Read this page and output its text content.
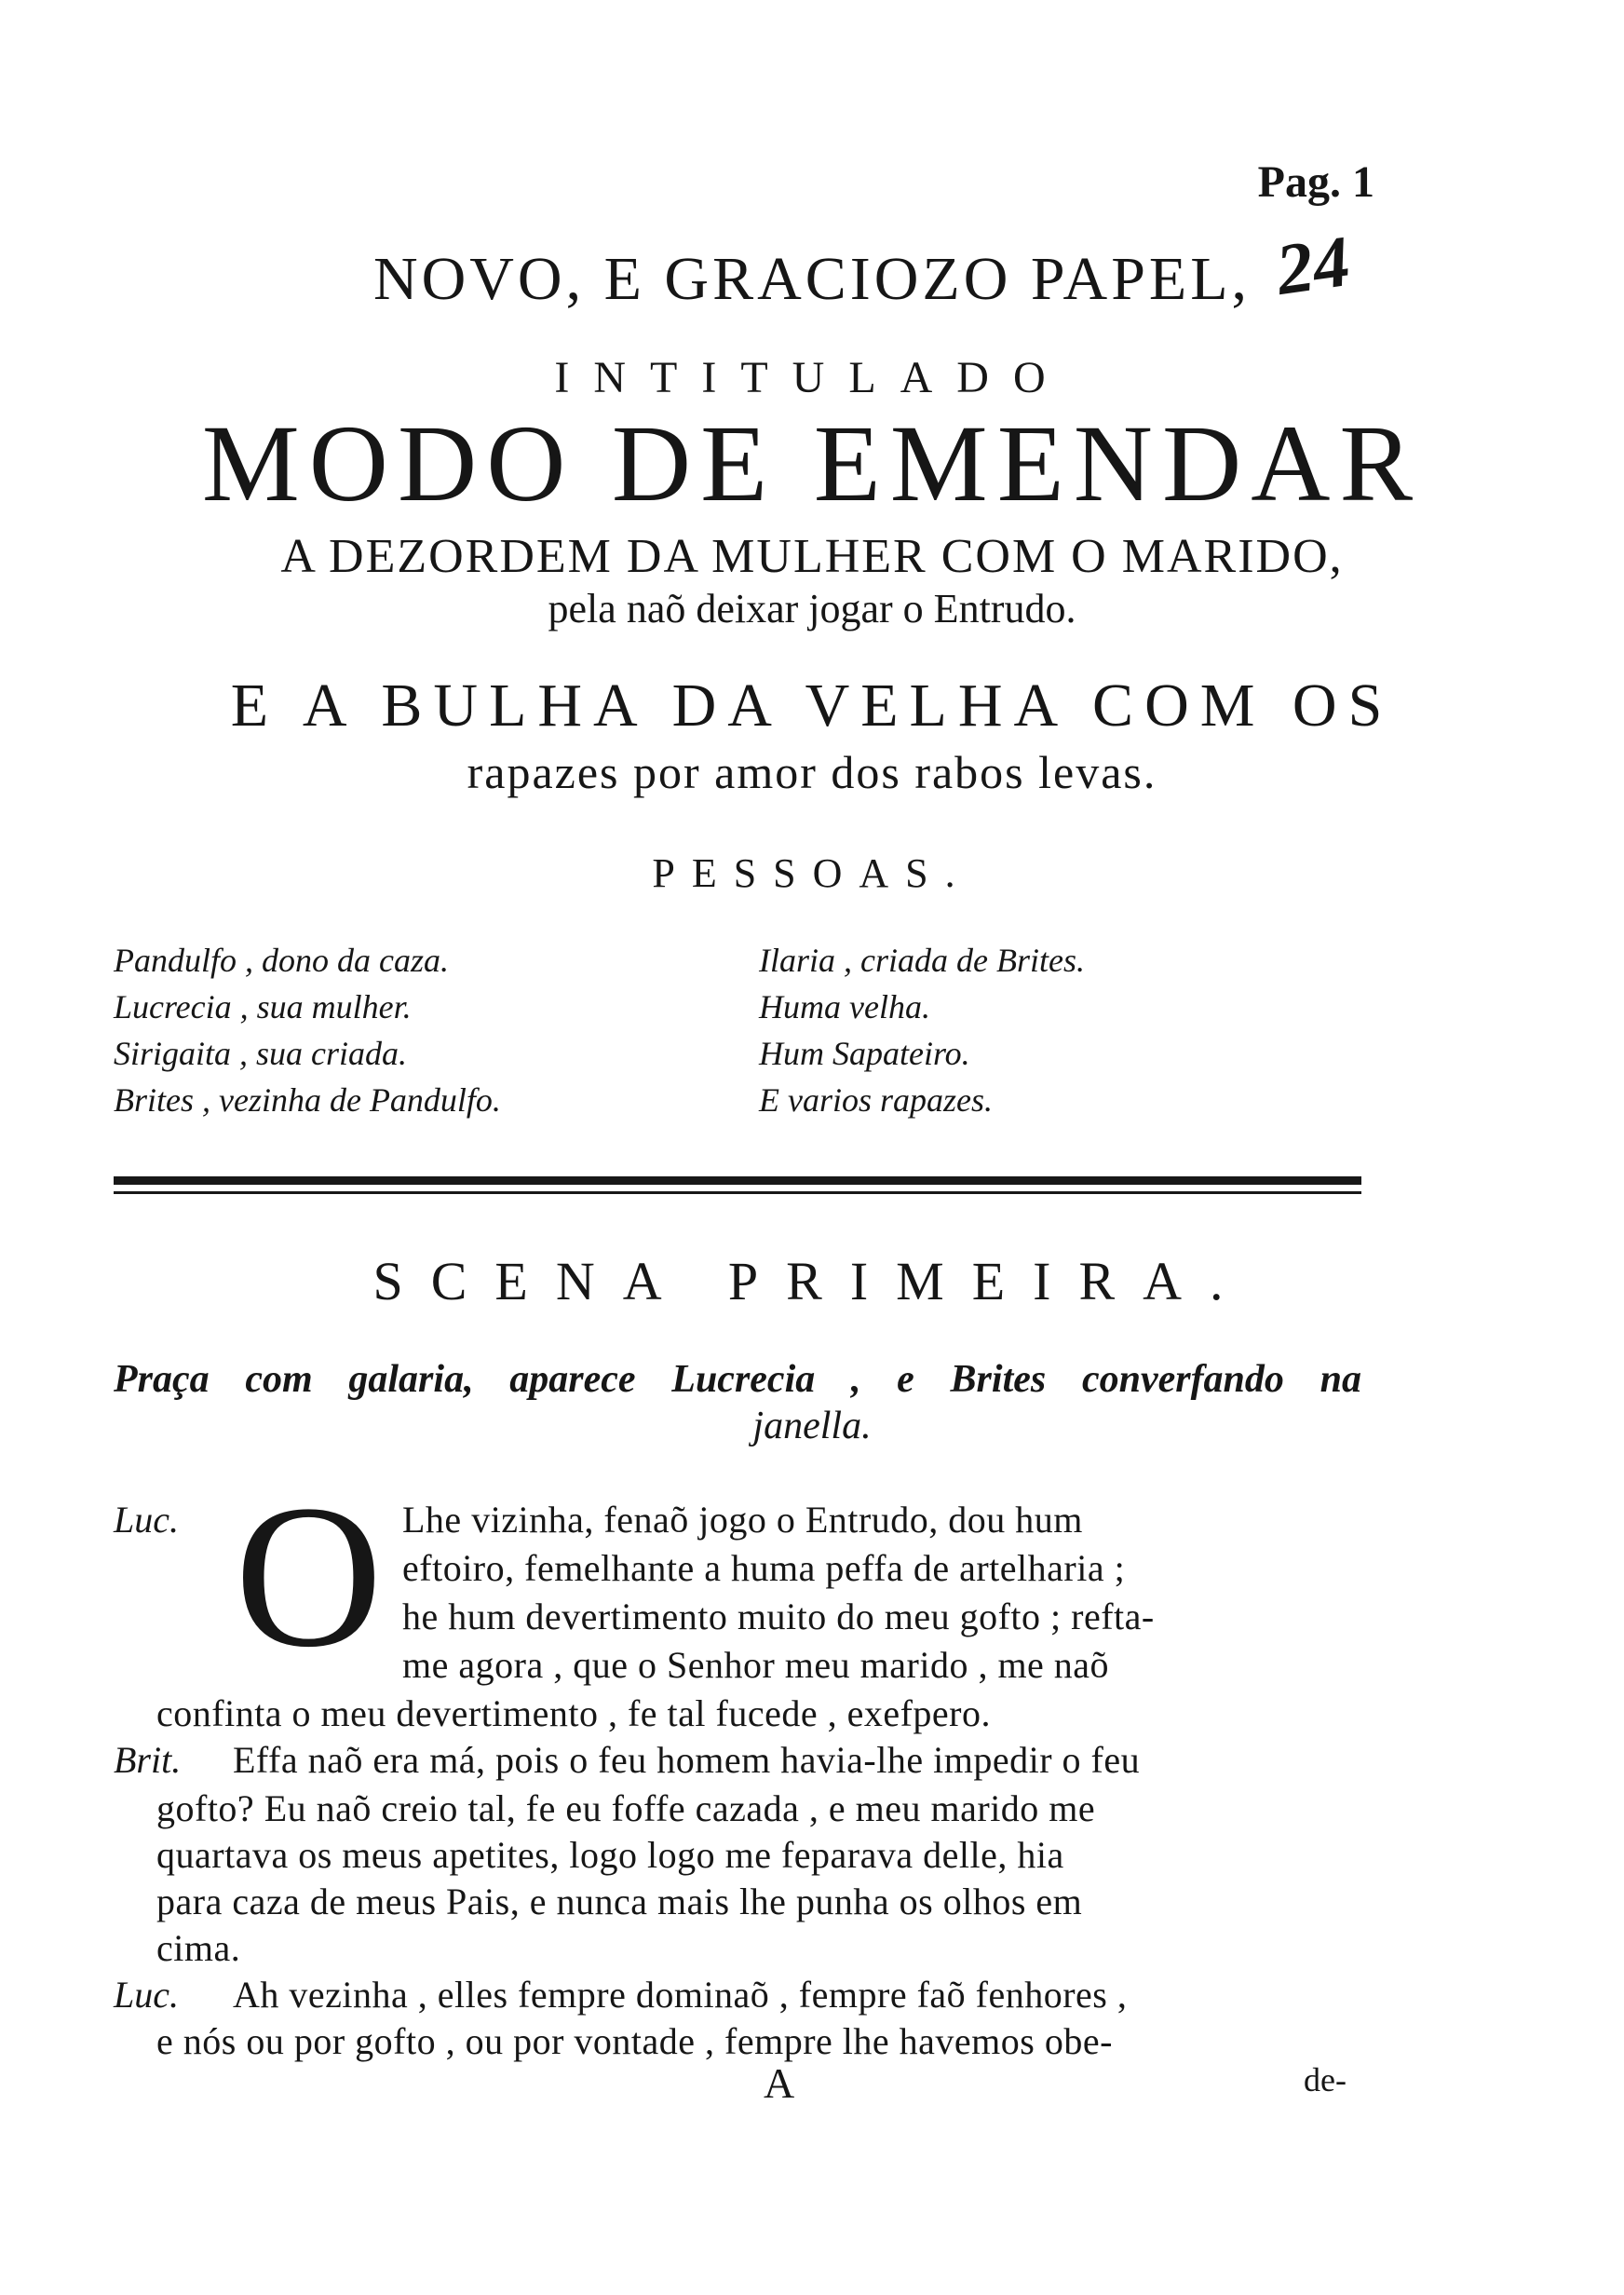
Pag. 1
24
NOVO, E GRACIOZO PAPEL,
INTITULADO
MODO DE EMENDAR
A DEZORDEM DA MULHER COM O MARIDO,
pela naõ deixar jogar o Entrudo.
E A BULHA DA VELHA COM OS
rapazes por amor dos rabos levas.
PESSOAS.
Pandulfo , dono da caza.
Lucrecia , sua mulher.
Sirigaita , sua criada.
Brites , vezinha de Pandulfo.
Ilaria , criada de Brites.
Huma velha.
Hum Sapateiro.
E varios rapazes.
SCENA PRIMEIRA.
Praça com galaria, aparece Lucrecia , e Brites converfando na
janella.
Luc. O Lhe vizinha, fenaõ jogo o Entrudo, dou hum
eftoiro, femelhante a huma peffa de artelharia ;
he hum devertimento muito do meu gofto ; refta-
me agora , que o Senhor meu marido , me naõ
confinta o meu devertimento , fe tal fucede , exefpero.
Brit. Effa naõ era má, pois o feu homem havia-lhe impedir o feu
gofto? Eu naõ creio tal, fe eu foffe cazada , e meu marido me
quartava os meus apetites, logo logo me feparava delle, hia
para caza de meus Pais, e nunca mais lhe punha os olhos em
cima.
Luc. Ah vezinha , elles fempre dominaõ , fempre faõ fenhores ,
e nós ou por gofto , ou por vontade , fempre lhe havemos obe-
A	de-
